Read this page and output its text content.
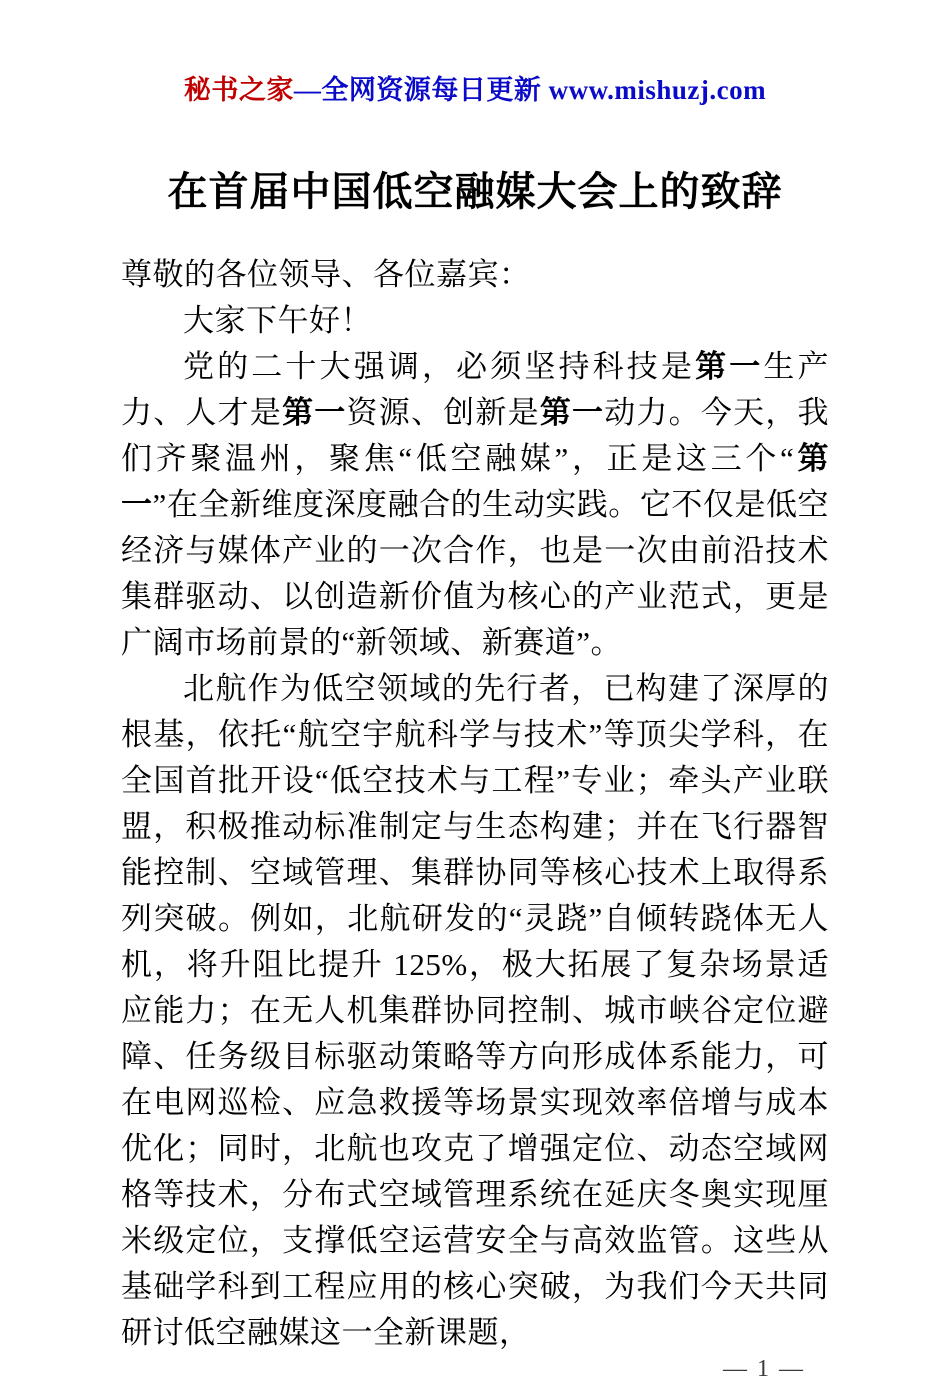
秘书之家—全网资源每日更新 www.mishuzj.com
在首届中国低空融媒大会上的致辞

尊敬的各位领导、各位嘉宾：

大家下午好！

党的二十大强调，必须坚持科技是第一生产力、人才是第一资源、创新是第一动力。今天，我们齐聚温州，聚焦“低空融媒”，正是这三个“第一”在全新维度深度融合的生动实践。它不仅是低空经济与媒体产业的一次合作，也是一次由前沿技术集群驱动、以创造新价值为核心的产业范式，更是广阔市场前景的“新领域、新赛道”。

北航作为低空领域的先行者，已构建了深厚的根基，依托“航空宇航科学与技术”等顶尖学科，在全国首批开设“低空技术与工程”专业；牵头产业联盟，积极推动标准制定与生态构建；并在飞行器智能控制、空域管理、集群协同等核心技术上取得系列突破。例如，北航研发的“灵跷”自倾转跷体无人机，将升阻比提升 125%，极大拓展了复杂场景适应能力；在无人机集群协同控制、城市峡谷定位避障、任务级目标驱动策略等方向形成体系能力，可在电网巡检、应急救援等场景实现效率倍增与成本优化；同时，北航也攻克了增强定位、动态空域网格等技术，分布式空域管理系统在延庆冬奥实现厘米级定位，支撑低空运营安全与高效监管。这些从基础学科到工程应用的核心突破，为我们今天共同研讨低空融媒这一全新课题，

— 1 —
